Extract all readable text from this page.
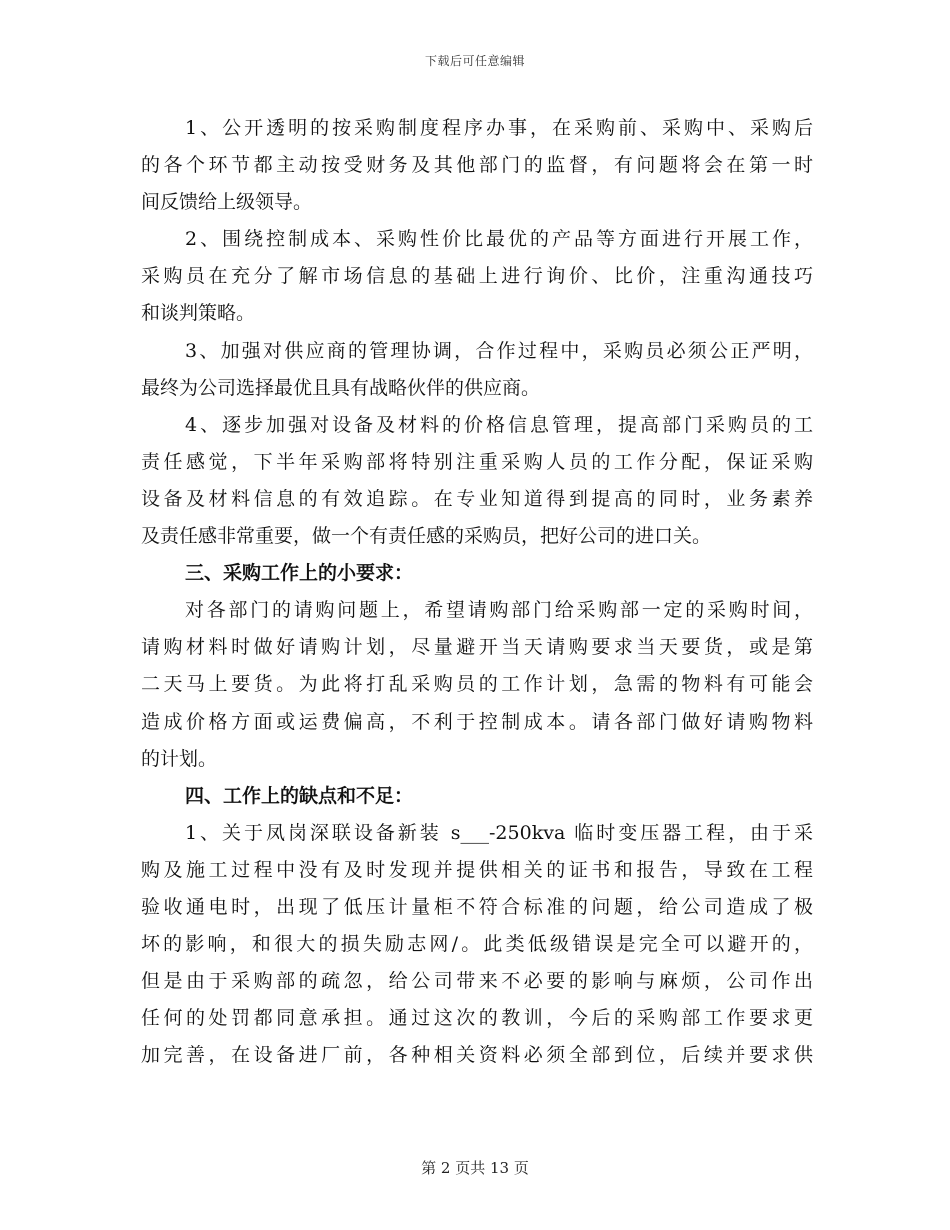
下载后可任意编辑
1、公开透明的按采购制度程序办事，在采购前、采购中、采购后
的各个环节都主动按受财务及其他部门的监督，有问题将会在第一时
间反馈给上级领导。
2、围绕控制成本、采购性价比最优的产品等方面进行开展工作，
采购员在充分了解市场信息的基础上进行询价、比价，注重沟通技巧
和谈判策略。
3、加强对供应商的管理协调，合作过程中，采购员必须公正严明，
最终为公司选择最优且具有战略伙伴的供应商。
4、逐步加强对设备及材料的价格信息管理，提高部门采购员的工
责任感觉，下半年采购部将特别注重采购人员的工作分配，保证采购
设备及材料信息的有效追踪。在专业知道得到提高的同时，业务素养
及责任感非常重要，做一个有责任感的采购员，把好公司的进口关。
三、采购工作上的小要求：
对各部门的请购问题上，希望请购部门给采购部一定的采购时间，
请购材料时做好请购计划，尽量避开当天请购要求当天要货，或是第
二天马上要货。为此将打乱采购员的工作计划，急需的物料有可能会
造成价格方面或运费偏高，不利于控制成本。请各部门做好请购物料
的计划。
四、工作上的缺点和不足：
1、关于凤岗深联设备新装 s___-250kva 临时变压器工程，由于采
购及施工过程中没有及时发现并提供相关的证书和报告，导致在工程
验收通电时，出现了低压计量柜不符合标准的问题，给公司造成了极
坏的影响，和很大的损失励志网/。此类低级错误是完全可以避开的，
但是由于采购部的疏忽，给公司带来不必要的影响与麻烦，公司作出
任何的处罚都同意承担。通过这次的教训，今后的采购部工作要求更
加完善，在设备进厂前，各种相关资料必须全部到位，后续并要求供
第 2 页共 13 页
